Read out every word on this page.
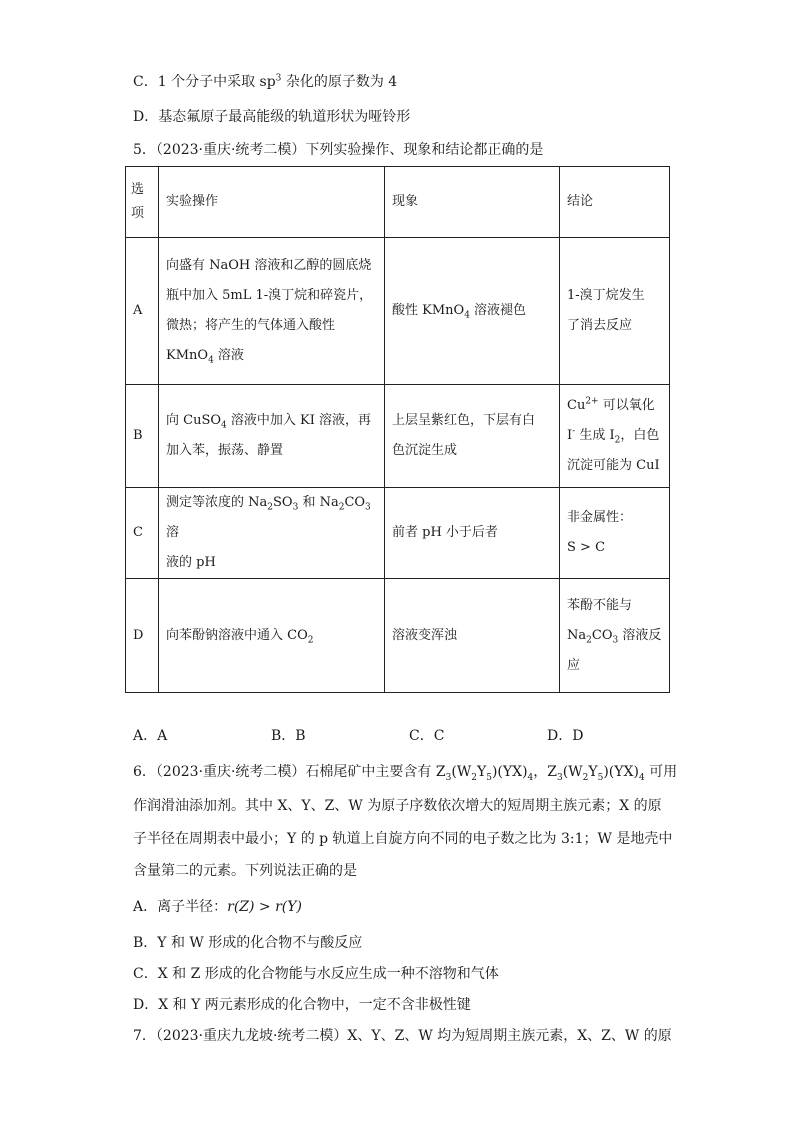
C．1 个分子中采取 $sp^3$ 杂化的原子数为 4
D．基态氟原子最高能级的轨道形状为哑铃形
5．（2023·重庆·统考二模）下列实验操作、现象和结论都正确的是
选项	实验操作	现象	结论
A	向盛有 NaOH 溶液和乙醇的圆底烧
瓶中加入 5mL 1-溴丁烷和碎瓷片，
微热；将产生的气体通入酸性
KMnO$_4$ 溶液	酸性 KMnO$_4$ 溶液褪色	1-溴丁烷发生
了消去反应
B	向 CuSO$_4$ 溶液中加入 KI 溶液，再
加入苯，振荡、静置	上层呈紫红色，下层有白
色沉淀生成	$Cu^{2+}$ 可以氧化
I- 生成 $I_2$，白色
沉淀可能为 CuI
C	测定等浓度的 $Na_2SO_3$ 和 $Na_2CO_3$ 溶
液的 pH	前者 pH 小于后者	非金属性：
S > C
D	向苯酚钠溶液中通入 $CO_2$	溶液变浑浊	苯酚不能与
$Na_2CO_3$ 溶液反
应
A．A	B．B	C．C	D．D
6．（2023·重庆·统考二模）石棉尾矿中主要含有 $Z_3(W_2Y_5)(YX)_4$，$Z_3(W_2Y_5)(YX)_4$ 可用
作润滑油添加剂。其中 X、Y、Z、W 为原子序数依次增大的短周期主族元素；X 的原
子半径在周期表中最小；Y 的 p 轨道上自旋方向不同的电子数之比为 3:1；W 是地壳中
含量第二的元素。下列说法正确的是
A．离子半径：r(Z) > r(Y)
B．Y 和 W 形成的化合物不与酸反应
C．X 和 Z 形成的化合物能与水反应生成一种不溶物和气体
D．X 和 Y 两元素形成的化合物中，一定不含非极性键
7．（2023·重庆九龙坡·统考二模）X、Y、Z、W 均为短周期主族元素，X、Z、W 的原
